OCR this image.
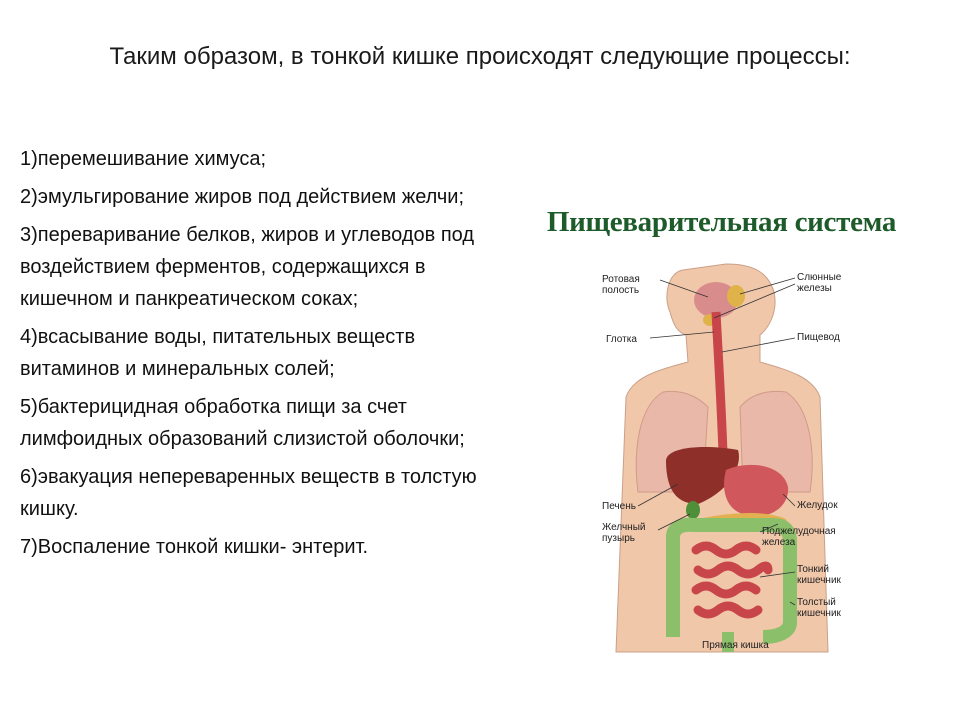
Таким образом, в тонкой кишке происходят следующие процессы:
1)перемешивание химуса;
2)эмульгирование жиров под действием желчи;
3)переваривание белков, жиров и углеводов под воздействием ферментов, содержащихся в кишечном и панкреатическом соках;
4)всасывание воды, питательных веществ витаминов и минеральных солей;
5)бактерицидная обработка пищи за счет лимфоидных образований слизистой оболочки;
6)эвакуация непереваренных веществ в толстую кишку.
7)Воспаление тонкой кишки- энтерит.
Пищеварительная система
Ротовая полость
Слюнные железы
Глотка	Пищевод
Печень
Желчный пузырь
Желудок
Поджелудочная железа
Тонкий кишечник
Толстый кишечник
Прямая кишка
